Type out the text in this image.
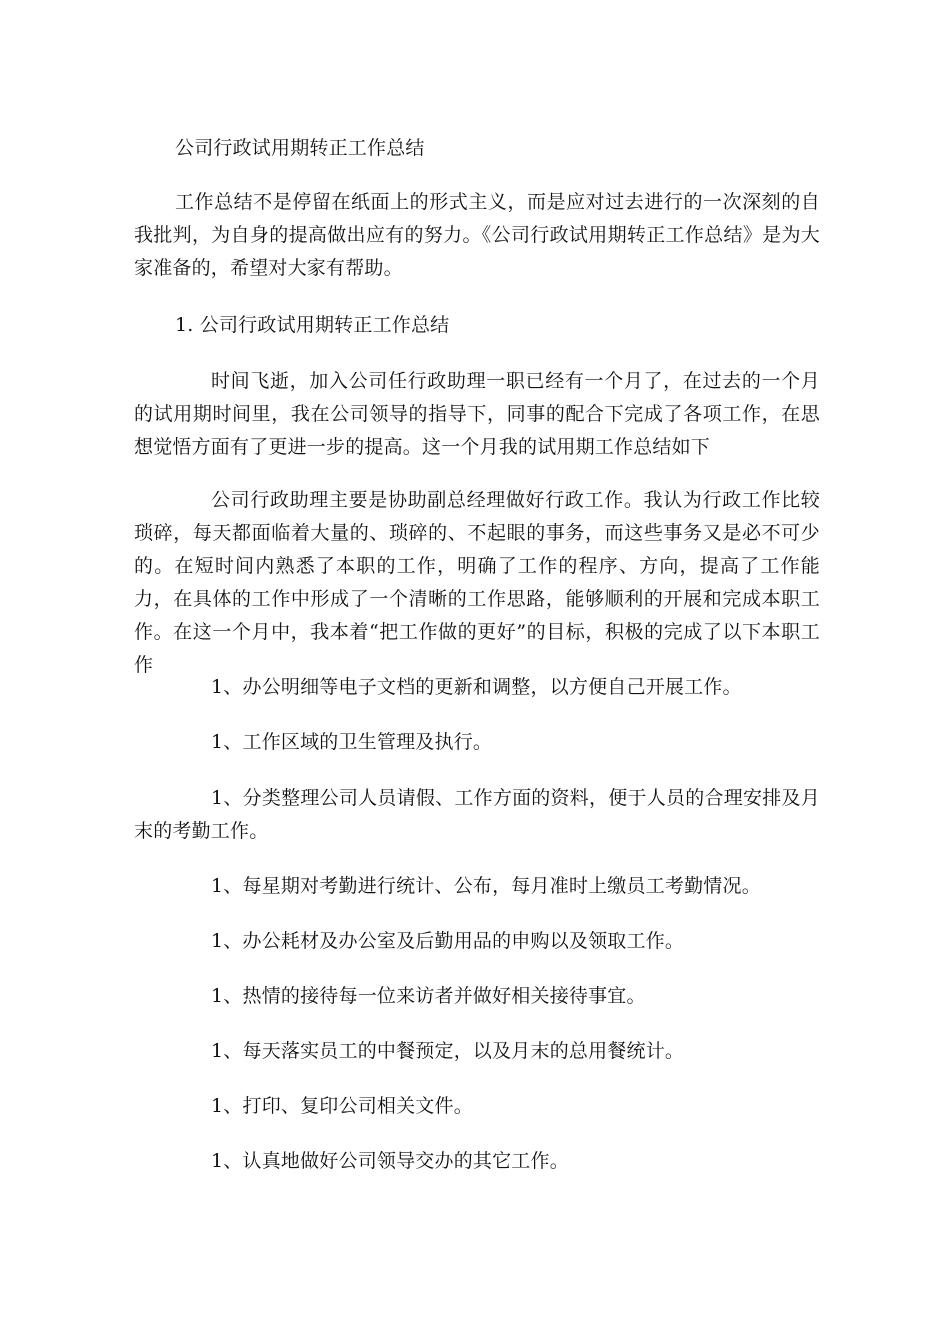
公司行政试用期转正工作总结

工作总结不是停留在纸面上的形式主义，而是应对过去进行的一次深刻的自我批判，为自身的提高做出应有的努力。《公司行政试用期转正工作总结》是为大家准备的，希望对大家有帮助。

1. 公司行政试用期转正工作总结

时间飞逝，加入公司任行政助理一职已经有一个月了，在过去的一个月的试用期时间里，我在公司领导的指导下，同事的配合下完成了各项工作，在思想觉悟方面有了更进一步的提高。这一个月我的试用期工作总结如下

公司行政助理主要是协助副总经理做好行政工作。我认为行政工作比较琐碎，每天都面临着大量的、琐碎的、不起眼的事务，而这些事务又是必不可少的。在短时间内熟悉了本职的工作，明确了工作的程序、方向，提高了工作能力，在具体的工作中形成了一个清晰的工作思路，能够顺利的开展和完成本职工作。在这一个月中，我本着“把工作做的更好”的目标，积极的完成了以下本职工作

1、办公明细等电子文档的更新和调整，以方便自己开展工作。

1、工作区域的卫生管理及执行。

1、分类整理公司人员请假、工作方面的资料，便于人员的合理安排及月末的考勤工作。

1、每星期对考勤进行统计、公布，每月准时上缴员工考勤情况。

1、办公耗材及办公室及后勤用品的申购以及领取工作。

1、热情的接待每一位来访者并做好相关接待事宜。

1、每天落实员工的中餐预定，以及月末的总用餐统计。

1、打印、复印公司相关文件。

1、认真地做好公司领导交办的其它工作。
